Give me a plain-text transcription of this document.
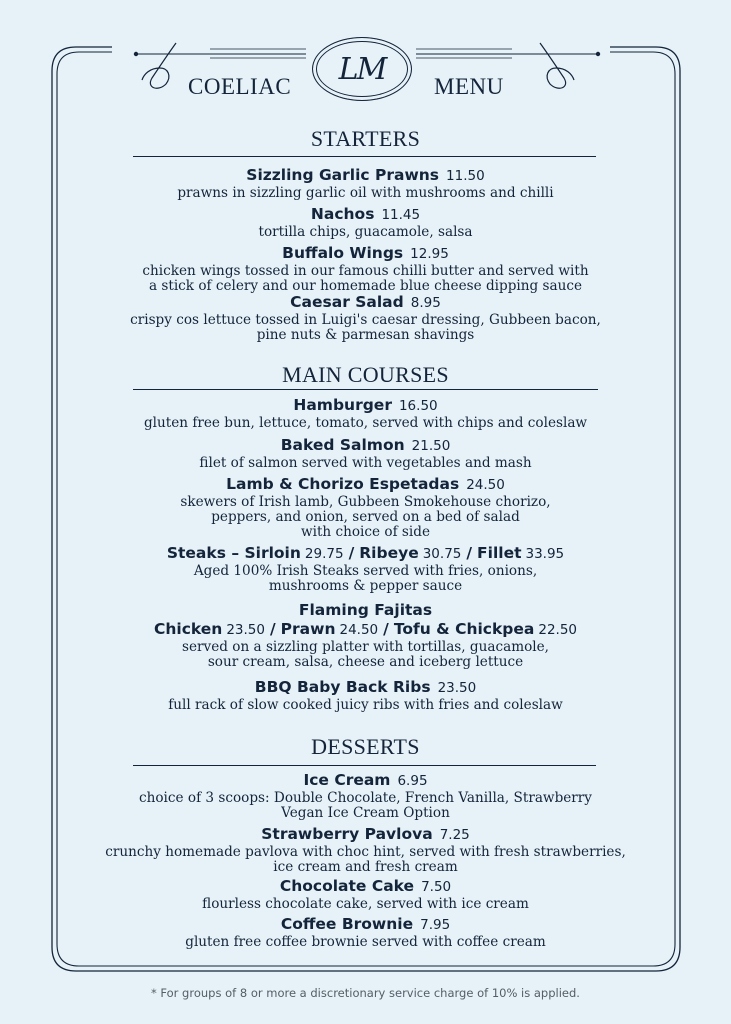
LM
COELIAC	MENU
STARTERS
Sizzling Garlic Prawns 11.50
prawns in sizzling garlic oil with mushrooms and chilli
Nachos 11.45
tortilla chips, guacamole, salsa
Buffalo Wings 12.95
chicken wings tossed in our famous chilli butter and served with
a stick of celery and our homemade blue cheese dipping sauce
Caesar Salad 8.95
crispy cos lettuce tossed in Luigi's caesar dressing, Gubbeen bacon,
pine nuts & parmesan shavings
MAIN COURSES
Hamburger 16.50
gluten free bun, lettuce, tomato, served with chips and coleslaw
Baked Salmon 21.50
filet of salmon served with vegetables and mash
Lamb & Chorizo Espetadas 24.50
skewers of Irish lamb, Gubbeen Smokehouse chorizo,
peppers, and onion, served on a bed of salad
with choice of side
Steaks – Sirloin 29.75 / Ribeye 30.75 / Fillet 33.95
Aged 100% Irish Steaks served with fries, onions,
mushrooms & pepper sauce
Flaming Fajitas
Chicken 23.50 / Prawn 24.50 / Tofu & Chickpea 22.50
served on a sizzling platter with tortillas, guacamole,
sour cream, salsa, cheese and iceberg lettuce
BBQ Baby Back Ribs 23.50
full rack of slow cooked juicy ribs with fries and coleslaw
DESSERTS
Ice Cream 6.95
choice of 3 scoops: Double Chocolate, French Vanilla, Strawberry
Vegan Ice Cream Option
Strawberry Pavlova 7.25
crunchy homemade pavlova with choc hint, served with fresh strawberries,
ice cream and fresh cream
Chocolate Cake 7.50
flourless chocolate cake, served with ice cream
Coffee Brownie 7.95
gluten free coffee brownie served with coffee cream
* For groups of 8 or more a discretionary service charge of 10% is applied.
